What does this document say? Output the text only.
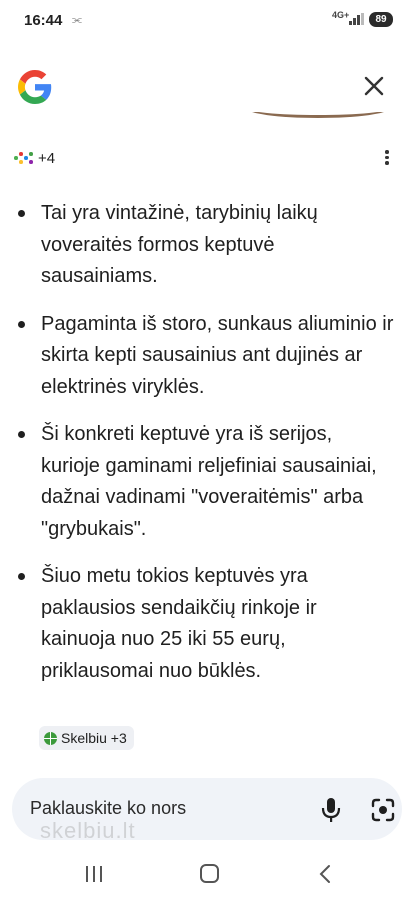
16:44 ⫘	4G+	89
+4
Tai yra vintažinė, tarybinių laikų voveraitės formos keptuvė sausainiams.
Pagaminta iš storo, sunkaus aliuminio ir skirta kepti sausainius ant dujinės ar elektrinės viryklės.
Ši konkreti keptuvė yra iš serijos, kurioje gaminami reljefiniai sausainiai, dažnai vadinami "voveraitėmis" arba "grybukais".
Šiuo metu tokios keptuvės yra paklausios sendaikčių rinkoje ir kainuoja nuo 25 iki 55 eurų, priklausomai nuo būklės.
Skelbiu +3
Paklauskite ko nors
skelbiu.lt
